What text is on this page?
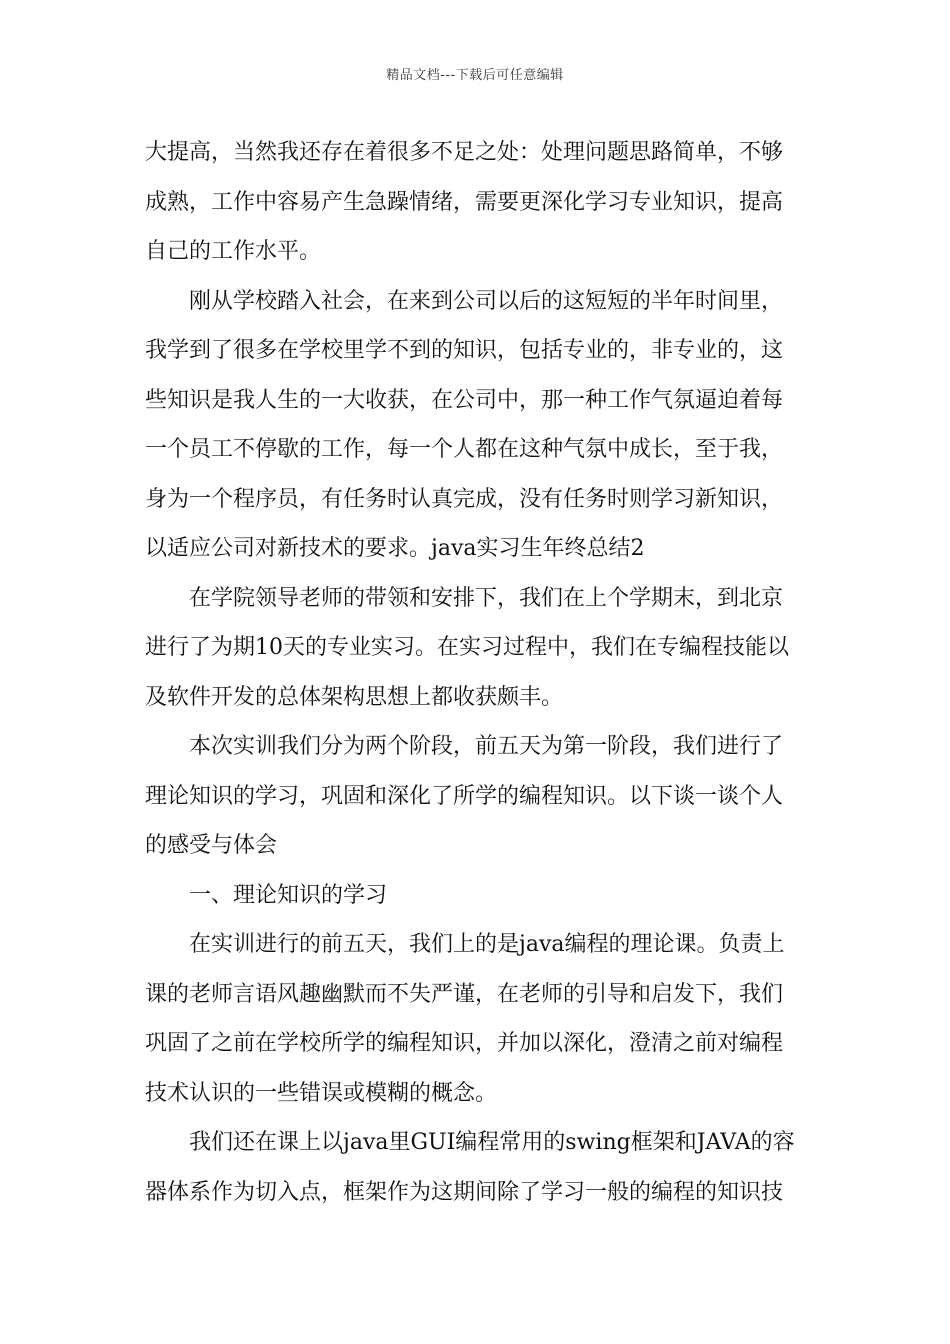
精品文档---下载后可任意编辑
大提高，当然我还存在着很多不足之处：处理问题思路简单，不够
成熟，工作中容易产生急躁情绪，需要更深化学习专业知识，提高
自己的工作水平。
刚从学校踏入社会，在来到公司以后的这短短的半年时间里，
我学到了很多在学校里学不到的知识，包括专业的，非专业的，这
些知识是我人生的一大收获，在公司中，那一种工作气氛逼迫着每
一个员工不停歇的工作，每一个人都在这种气氛中成长，至于我，
身为一个程序员，有任务时认真完成，没有任务时则学习新知识，
以适应公司对新技术的要求。java实习生年终总结2
在学院领导老师的带领和安排下，我们在上个学期末，到北京
进行了为期10天的专业实习。在实习过程中，我们在专编程技能以
及软件开发的总体架构思想上都收获颇丰。
本次实训我们分为两个阶段，前五天为第一阶段，我们进行了
理论知识的学习，巩固和深化了所学的编程知识。以下谈一谈个人
的感受与体会
一、理论知识的学习
在实训进行的前五天，我们上的是java编程的理论课。负责上
课的老师言语风趣幽默而不失严谨，在老师的引导和启发下，我们
巩固了之前在学校所学的编程知识，并加以深化，澄清之前对编程
技术认识的一些错误或模糊的概念。
我们还在课上以java里GUI编程常用的swing框架和JAVA的容
器体系作为切入点，框架作为这期间除了学习一般的编程的知识技
